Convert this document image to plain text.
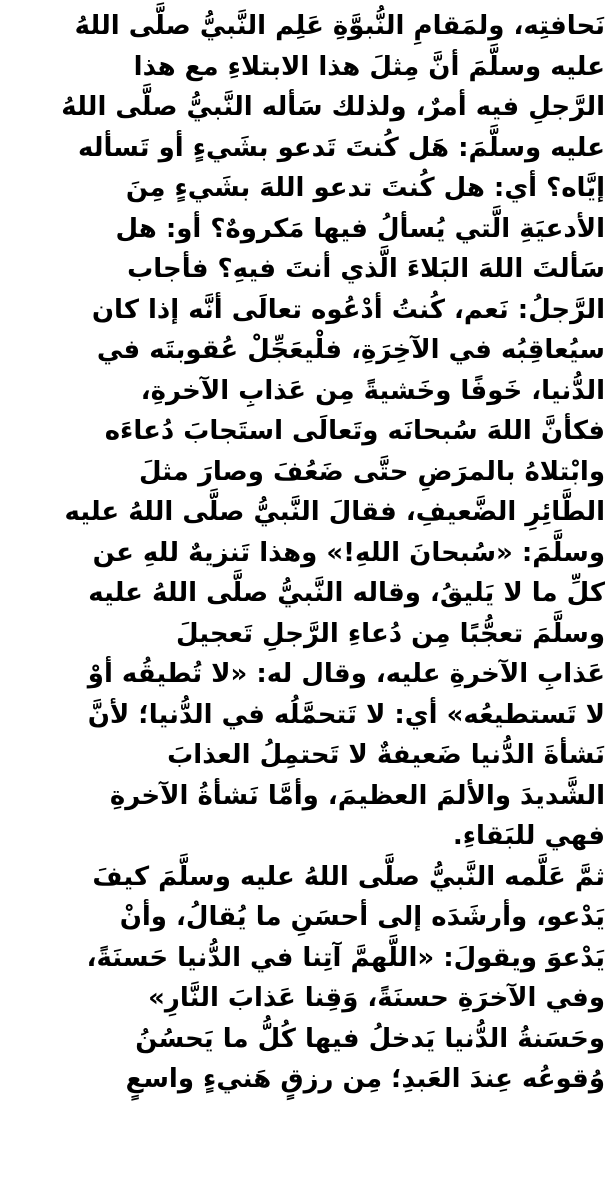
نَحافتِه، ولمَقامِ النُّبوَّةِ عَلِم النَّبيُّ صلَّى اللهُ
عليه وسلَّمَ أنَّ مِثلَ هذا الابتلاءِ مع هذا
الرَّجلِ فيه أمرٌ، ولذلك سَأله النَّبيُّ صلَّى اللهُ
عليه وسلَّمَ: هَل كُنتَ تَدعو بشَيءٍ أو تَسأله
إيَّاه؟ أي: هل كُنتَ تدعو اللهَ بشَيءٍ مِنَ
الأدعيَةِ الَّتي يُسألُ فيها مَكروهٌ؟ أو: هل
سَألتَ اللهَ البَلاءَ الَّذي أنتَ فيهِ؟ فأجاب
الرَّجلُ: نَعم، كُنتُ أدْعُوه تعالَى أنَّه إذا كان
سيُعاقِبُه في الآخِرَةِ، فلْيعَجِّلْ عُقوبتَه في
الدُّنيا، خَوفًا وخَشيةً مِن عَذابِ الآخرةِ،
فكأنَّ اللهَ سُبحانَه وتَعالَى استَجابَ دُعاءَه
وابْتلاهُ بالمرَضِ حتَّى ضَعُفَ وصارَ مثلَ
الطَّائِرِ الضَّعيفِ، فقالَ النَّبيُّ صلَّى اللهُ عليه
وسلَّمَ: «سُبحانَ اللهِ!» وهذا تَنزيهٌ للهِ عن
كلِّ ما لا يَليقُ، وقاله النَّبيُّ صلَّى اللهُ عليه
وسلَّمَ تعجُّبًا مِن دُعاءِ الرَّجلِ تَعجيلَ
عَذابِ الآخرةِ عليه، وقال له: «لا تُطيقُه أوْ
لا تَستطيعُه» أي: لا تَتحمَّلُه في الدُّنيا؛ لأنَّ
نَشأةَ الدُّنيا ضَعيفةٌ لا تَحتمِلُ العذابَ
الشَّديدَ والألمَ العظيمَ، وأمَّا نَشأةُ الآخرةِ
فهي للبَقاءِ.
ثمَّ عَلَّمه النَّبيُّ صلَّى اللهُ عليه وسلَّمَ كيفَ
يَدْعو، وأرشَدَه إلى أحسَنِ ما يُقالُ، وأنْ
يَدْعوَ ويقولَ: «اللَّهمَّ آتِنا في الدُّنيا حَسنَةً،
وفي الآخرَةِ حسنَةً، وَقِنا عَذابَ النَّارِ»
وحَسَنةُ الدُّنيا يَدخلُ فيها كُلُّ ما يَحسُنُ
وُقوعُه عِندَ العَبدِ؛ مِن رزقٍ هَنيءٍ واسعٍ
